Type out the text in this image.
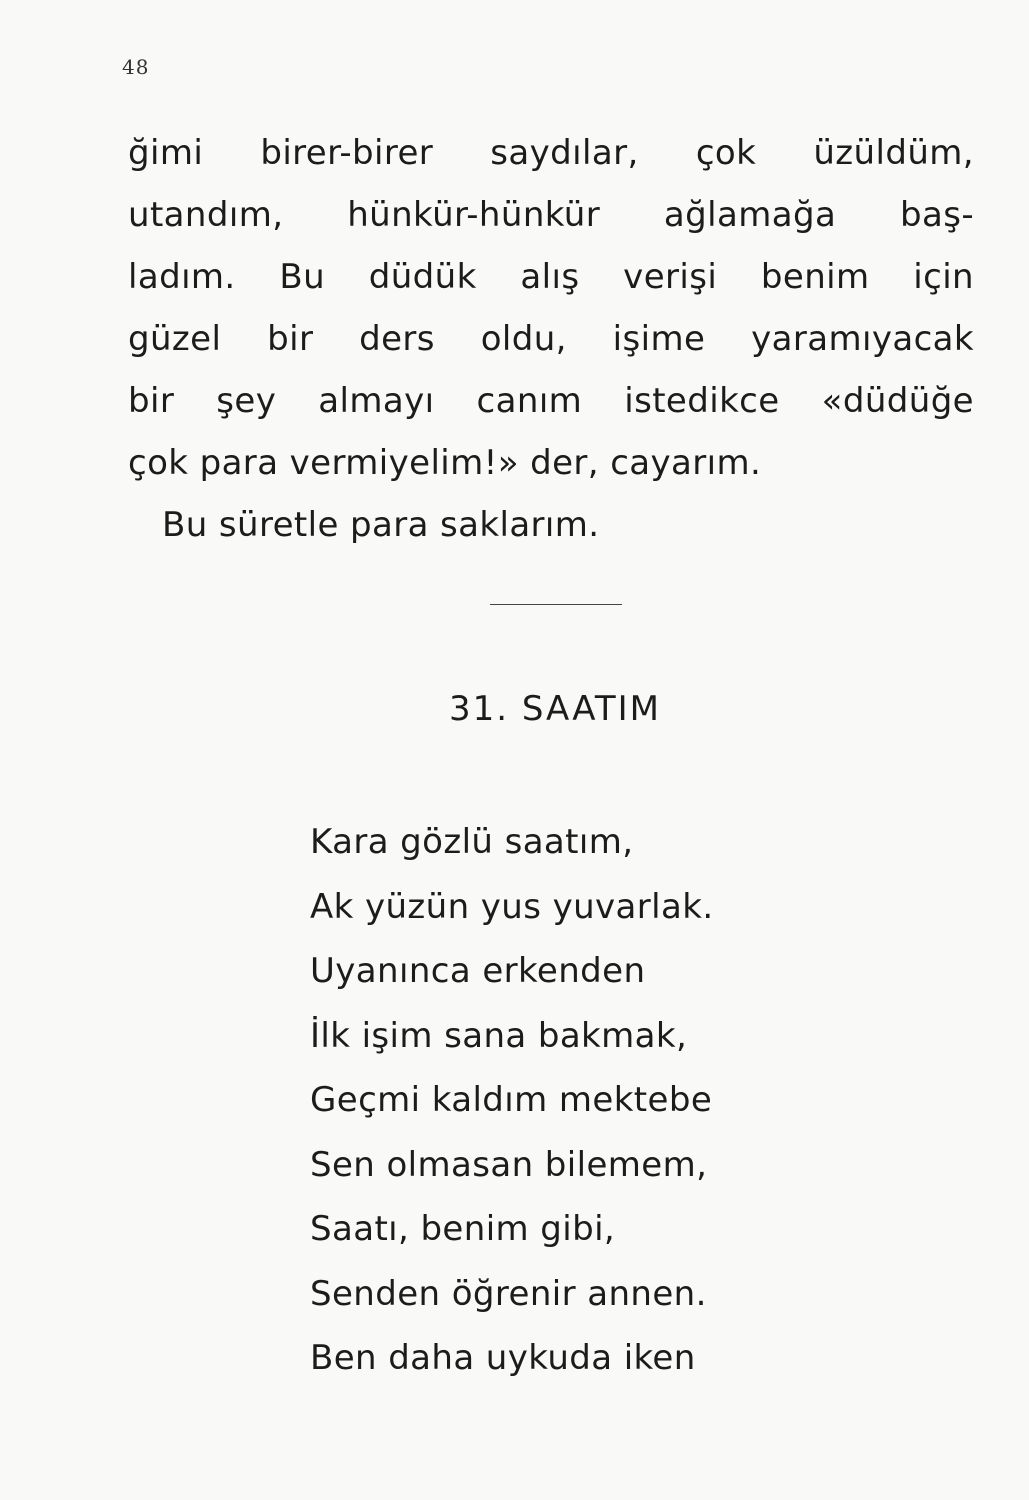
48
ğimi birer-birer saydılar, çok üzüldüm,
utandım, hünkür-hünkür ağlamağa baş-
ladım. Bu düdük alış verişi benim için
güzel bir ders oldu, işime yaramıyacak
bir şey almayı canım istedikce «düdüğe
çok para vermiyelim!» der, cayarım.
Bu süretle para saklarım.
31. SAATIM
Kara gözlü saatım,
Ak yüzün yus yuvarlak.
Uyanınca erkenden
İlk işim sana bakmak,
Geçmi kaldım mektebe
Sen olmasan bilemem,
Saatı, benim gibi,
Senden öğrenir annen.
Ben daha uykuda iken
